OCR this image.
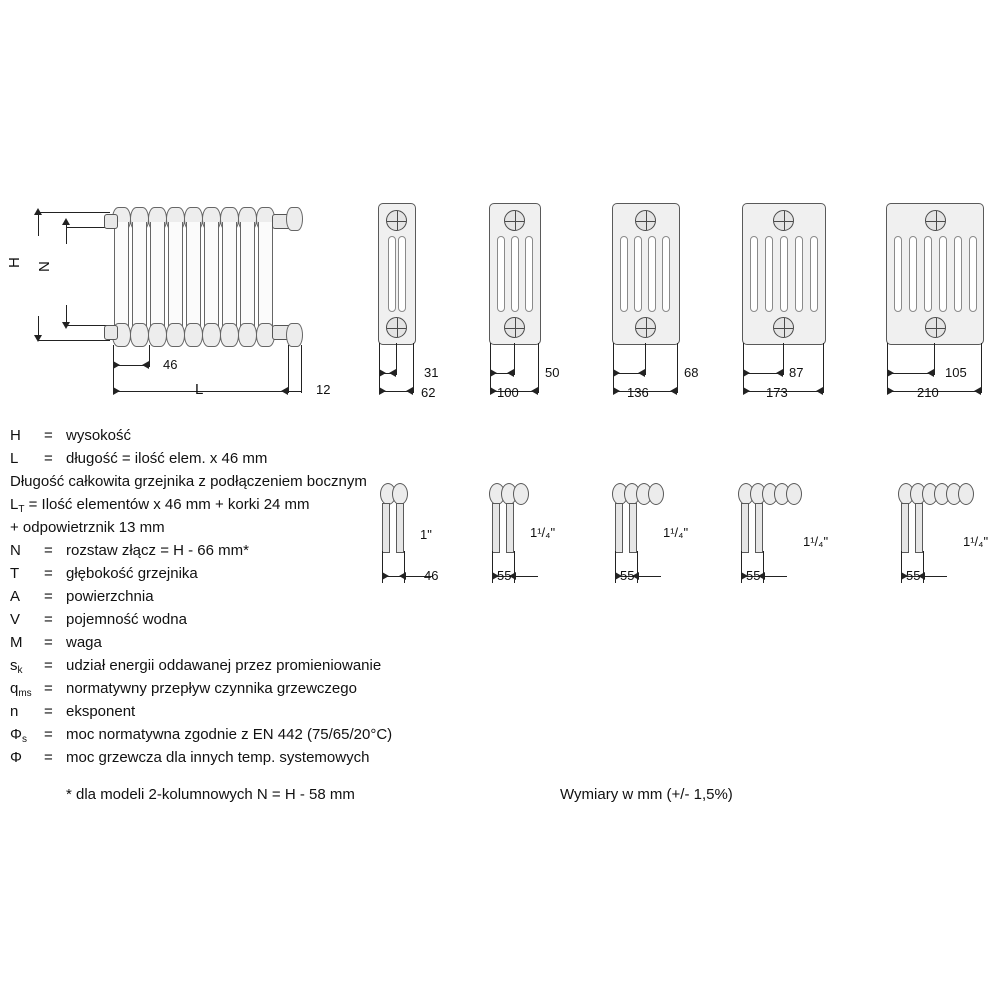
H N
46
L	12
31
62
50
100
68
136
87
173
105
210
46
1"
55
1¹/₄"
55
1¹/₄"
55
1¹/₄"
55
1¹/₄"
H	= wysokość
L	= długość = ilość elem. x 46 mm
Długość całkowita grzejnika z podłączeniem bocznym
$L_T$ = Ilość elementów x 46 mm + korki 24 mm
+ odpowietrznik 13 mm
N	= rozstaw złącz = H - 66 mm*
T	= głębokość grzejnika
A	= powierzchnia
V	= pojemność wodna
M	= waga
$s_k$	= udział energii oddawanej przez promieniowanie
$q_{ms}$ = normatywny przepływ czynnika grzewczego
n	= eksponent
$\Phi_s$	= moc normatywna zgodnie z EN 442 (75/65/20°C)
Φ	= moc grzewcza dla innych temp. systemowych
* dla modeli 2-kolumnowych N = H - 58 mm	Wymiary w mm (+/- 1,5%)
